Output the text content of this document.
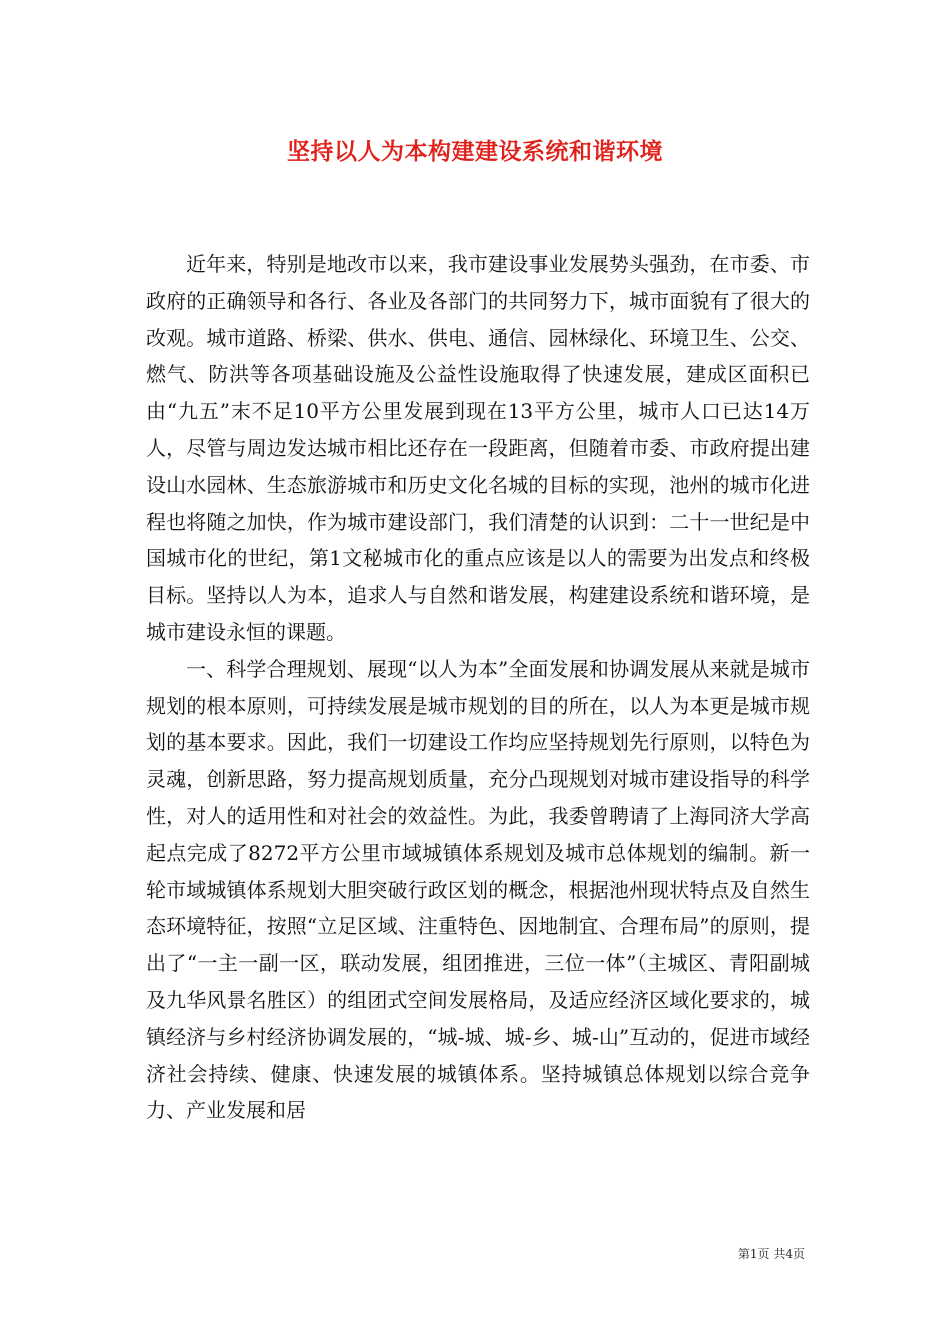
坚持以人为本构建建设系统和谐环境

近年来，特别是地改市以来，我市建设事业发展势头强劲，在市委、市政府的正确领导和各行、各业及各部门的共同努力下，城市面貌有了很大的改观。城市道路、桥梁、供水、供电、通信、园林绿化、环境卫生、公交、燃气、防洪等各项基础设施及公益性设施取得了快速发展，建成区面积已由“九五”末不足10平方公里发展到现在13平方公里，城市人口已达14万人，尽管与周边发达城市相比还存在一段距离，但随着市委、市政府提出建设山水园林、生态旅游城市和历史文化名城的目标的实现，池州的城市化进程也将随之加快，作为城市建设部门，我们清楚的认识到：二十一世纪是中国城市化的世纪，第1文秘城市化的重点应该是以人的需要为出发点和终极目标。坚持以人为本，追求人与自然和谐发展，构建建设系统和谐环境，是城市建设永恒的课题。

一、科学合理规划、展现“以人为本”全面发展和协调发展从来就是城市规划的根本原则，可持续发展是城市规划的目的所在，以人为本更是城市规划的基本要求。因此，我们一切建设工作均应坚持规划先行原则，以特色为灵魂，创新思路，努力提高规划质量，充分凸现规划对城市建设指导的科学性，对人的适用性和对社会的效益性。为此，我委曾聘请了上海同济大学高起点完成了8272平方公里市域城镇体系规划及城市总体规划的编制。新一轮市域城镇体系规划大胆突破行政区划的概念，根据池州现状特点及自然生态环境特征，按照“立足区域、注重特色、因地制宜、合理布局”的原则，提出了“一主一副一区，联动发展，组团推进，三位一体”（主城区、青阳副城及九华风景名胜区）的组团式空间发展格局，及适应经济区域化要求的，城镇经济与乡村经济协调发展的，“城-城、城-乡、城-山”互动的，促进市域经济社会持续、健康、快速发展的城镇体系。坚持城镇总体规划以综合竞争力、产业发展和居

第1页 共4页
